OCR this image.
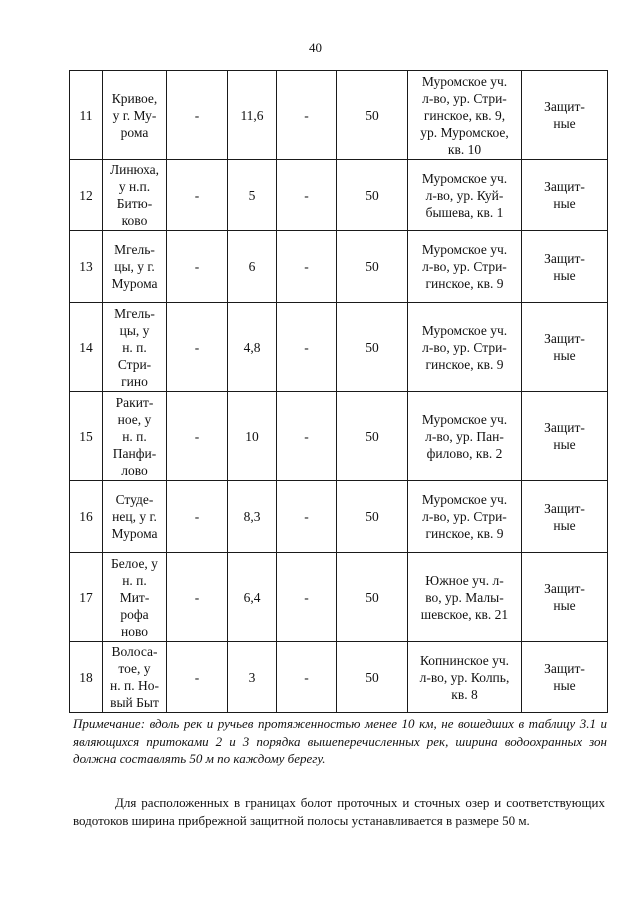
40
11	Кривое,
у г. Му-
рома	-	11,6	-	50	Муромское уч.
л-во, ур. Стри-
гинское, кв. 9,
ур. Муромское,
кв. 10	Защит-
ные
12	Линюха,
у н.п.
Битю-
ково	-	5	-	50	Муромское уч.
л-во, ур. Куй-
бышева, кв. 1	Защит-
ные
13	Мгель-
цы, у г.
Мурома	-	6	-	50	Муромское уч.
л-во, ур. Стри-
гинское, кв. 9	Защит-
ные
14	Мгель-
цы, у
н. п.
Стри-
гино	-	4,8	-	50	Муромское уч.
л-во, ур. Стри-
гинское, кв. 9	Защит-
ные
15	Ракит-
ное, у
н. п.
Панфи-
лово	-	10	-	50	Муромское уч.
л-во, ур. Пан-
филово, кв. 2	Защит-
ные
16	Студе-
нец, у г.
Мурома	-	8,3	-	50	Муромское уч.
л-во, ур. Стри-
гинское, кв. 9	Защит-
ные
17	Белое, у
н. п.
Мит-
рофа
ново	-	6,4	-	50	Южное уч. л-
во, ур. Малы-
шевское, кв. 21	Защит-
ные
18	Волоса-
тое, у
н. п. Но-
вый Быт	-	3	-	50	Копнинское уч.
л-во, ур. Колпь,
кв. 8	Защит-
ные
Примечание: вдоль рек и ручьев протяженностью менее 10 км, не вошедших в таблицу 3.1 и являющихся притоками 2 и 3 порядка вышеперечисленных рек, ширина водоохранных зон должна составлять 50 м по каждому берегу.
Для расположенных в границах болот проточных и сточных озер и соответствующих водотоков ширина прибрежной защитной полосы устанавливается в размере 50 м.
